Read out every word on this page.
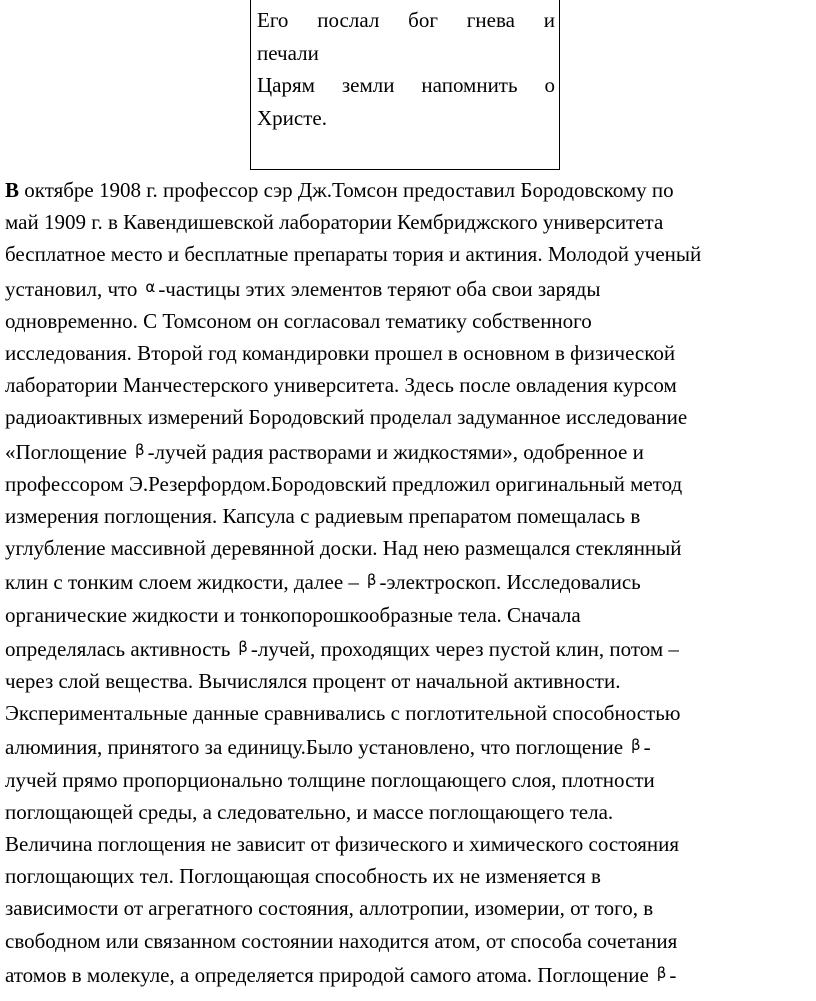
Его послал бог гнева и
печали
Царям земли напомнить о
Христе.
В октябре 1908 г. профессор сэр Дж.Томсон предоставил Бородовскому по
май 1909 г. в Кавендишевской лаборатории Кембриджского университета
бесплатное место и бесплатные препараты тория и актиния. Молодой ученый
установил, что α -частицы этих элементов теряют оба свои заряды
одновременно. С Томсоном он согласовал тематику собственного
исследования. Второй год командировки прошел в основном в физической
лаборатории Манчестерского университета. Здесь после овладения курсом
радиоактивных измерений Бородовский проделал задуманное исследование
«Поглощение β -лучей радия растворами и жидкостями», одобренное и
профессором Э.Резерфордом.Бородовский предложил оригинальный метод
измерения поглощения. Капсула с радиевым препаратом помещалась в
углубление массивной деревянной доски. Над нею размещался стеклянный
клин с тонким слоем жидкости, далее – β -электроскоп. Исследовались
органические жидкости и тонкопорошкообразные тела. Сначала
определялась активность β -лучей, проходящих через пустой клин, потом –
через слой вещества. Вычислялся процент от начальной активности.
Экспериментальные данные сравнивались с поглотительной способностью
алюминия, принятого за единицу.Было установлено, что поглощение β -
лучей прямо пропорционально толщине поглощающего слоя, плотности
поглощающей среды, а следовательно, и массе поглощающего тела.
Величина поглощения не зависит от физического и химического состояния
поглощающих тел. Поглощающая способность их не изменяется в
зависимости от агрегатного состояния, аллотропии, изомерии, от того, в
свободном или связанном состоянии находится атом, от способа сочетания
атомов в молекуле, а определяется природой самого атома. Поглощение β -
